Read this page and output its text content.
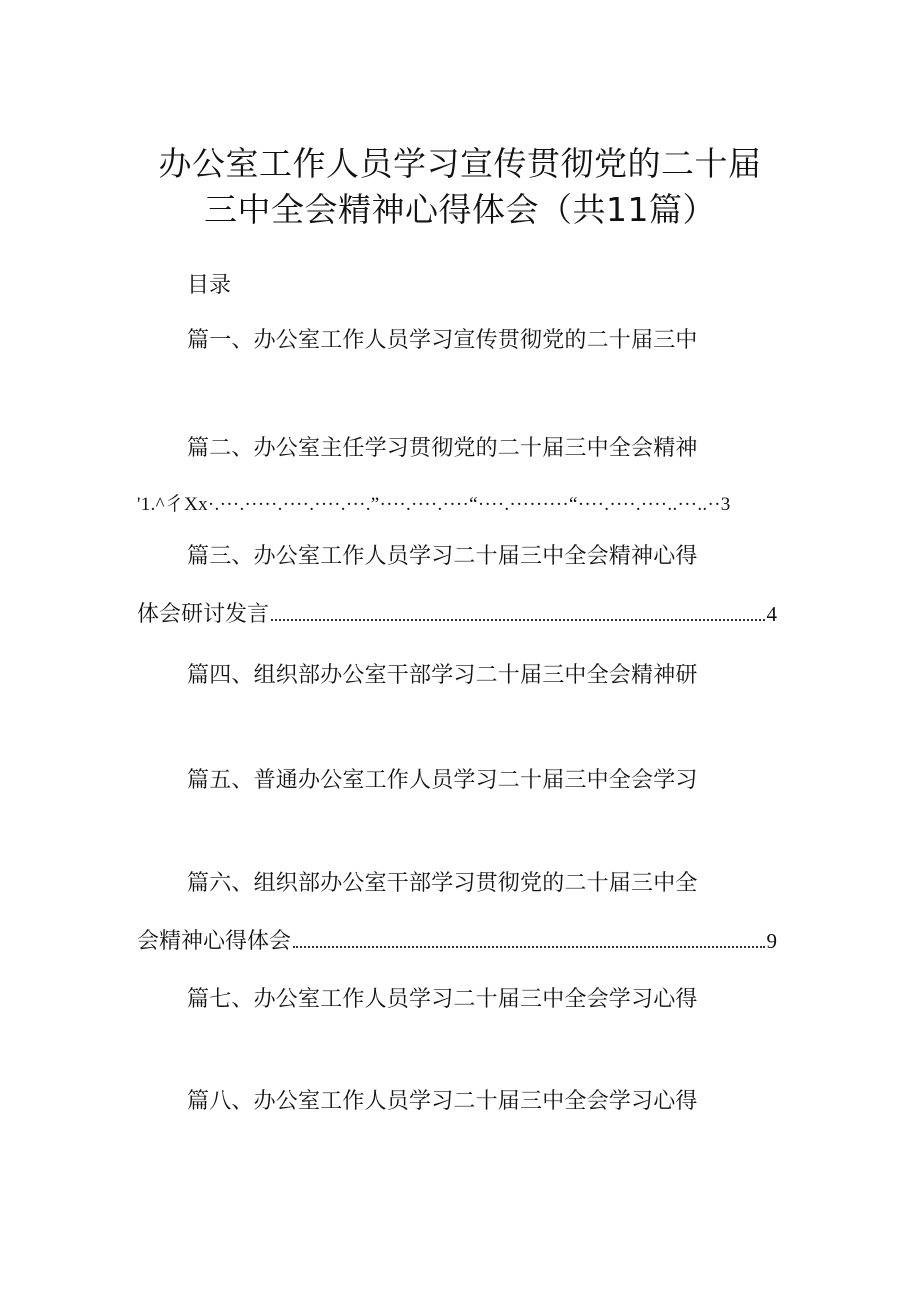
办公室工作人员学习宣传贯彻党的二十届
三中全会精神心得体会（共11篇）
目录
篇一、办公室工作人员学习宣传贯彻党的二十届三中
篇二、办公室主任学习贯彻党的二十届三中全会精神
'1.^彳Xx·.···.·····.····.····.···.”····.····.····“····.·········“····.····.····..···..··3
篇三、办公室工作人员学习二十届三中全会精神心得
体会研讨发言	4
篇四、组织部办公室干部学习二十届三中全会精神研
篇五、普通办公室工作人员学习二十届三中全会学习
篇六、组织部办公室干部学习贯彻党的二十届三中全
会精神心得体会	9
篇七、办公室工作人员学习二十届三中全会学习心得
篇八、办公室工作人员学习二十届三中全会学习心得
